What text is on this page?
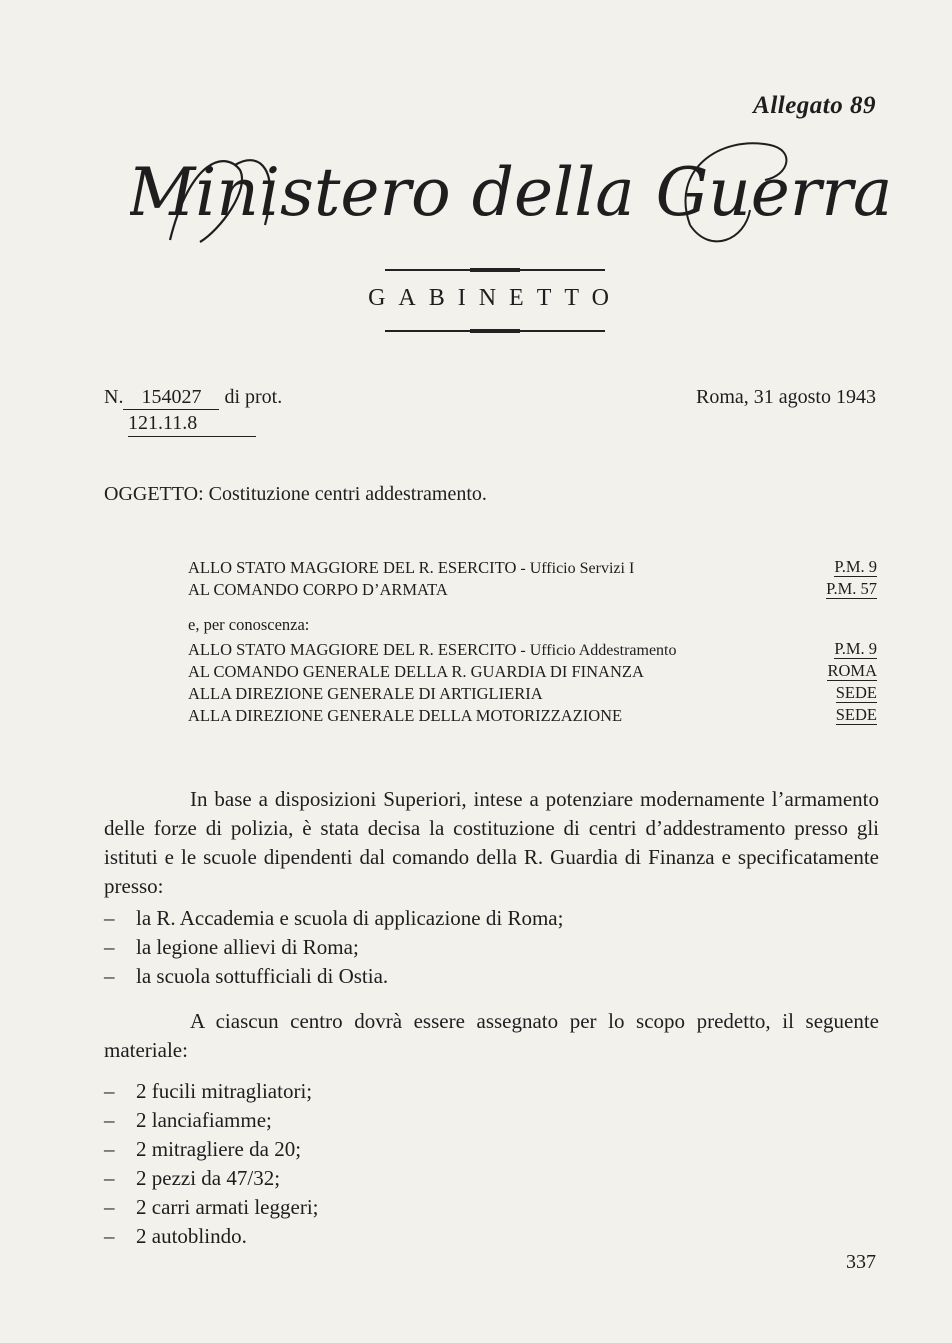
Allegato 89
Ministero della Guerra
GABINETTO
N. 154027 di prot.
121.11.8
Roma, 31 agosto 1943
OGGETTO: Costituzione centri addestramento.
ALLO STATO MAGGIORE DEL R. ESERCITO - Ufficio Servizi I	P.M. 9
AL COMANDO CORPO D’ARMATA	P.M. 57
e, per conoscenza:
ALLO STATO MAGGIORE DEL R. ESERCITO - Ufficio Addestramento	P.M. 9
AL COMANDO GENERALE DELLA R. GUARDIA DI FINANZA	ROMA
ALLA DIREZIONE GENERALE DI ARTIGLIERIA	SEDE
ALLA DIREZIONE GENERALE DELLA MOTORIZZAZIONE	SEDE

In base a disposizioni Superiori, intese a potenziare modernamente l’armamento delle forze di polizia, è stata decisa la costituzione di centri d’addestramento presso gli istituti e le scuole dipendenti dal comando della R. Guardia di Finanza e specificatamente presso:

– la R. Accademia e scuola di applicazione di Roma;
– la legione allievi di Roma;
– la scuola sottufficiali di Ostia.

A ciascun centro dovrà essere assegnato per lo scopo predetto, il seguente materiale:

– 2 fucili mitragliatori;
– 2 lanciafiamme;
– 2 mitragliere da 20;
– 2 pezzi da 47/32;
– 2 carri armati leggeri;
– 2 autoblindo.
337
